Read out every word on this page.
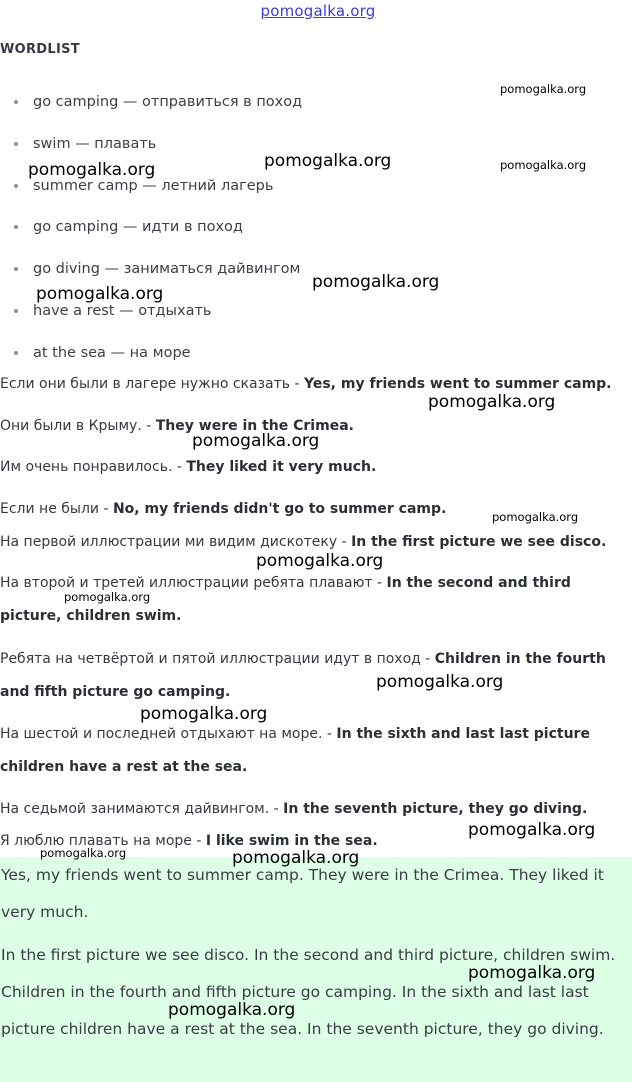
pomogalka.org
WORDLIST
go camping — отправиться в поход
swim — плавать
summer camp — летний лагерь
go camping — идти в поход
go diving — заниматься дайвингом
have a rest — отдыхать
at the sea — на море
Если они были в лагере нужно сказать - Yes, my friends went to summer camp.
Они были в Крыму. - They were in the Crimea.
Им очень понравилось. - They liked it very much.
Если не были - No, my friends didn't go to summer camp.
На первой иллюстрации ми видим дискотеку - In the first picture we see disco.
На второй и третей иллюстрации ребята плавают - In the second and third picture, children swim.
Ребята на четвёртой и пятой иллюстрации идут в поход - Children in the fourth and fifth picture go camping.
На шестой и последней отдыхают на море. - In the sixth and last last picture children have a rest at the sea.
На седьмой занимаются дайвингом. - In the seventh picture, they go diving.
Я люблю плавать на море - I like swim in the sea.

Yes, my friends went to summer camp. They were in the Crimea. They liked it very much.

In the first picture we see disco. In the second and third picture, children swim. Children in the fourth and fifth picture go camping. In the sixth and last last picture children have a rest at the sea. In the seventh picture, they go diving.

pomogalka.org
pomogalka.org	pomogalka.org
pomogalka.org
pomogalka.org
pomogalka.org
pomogalka.org
pomogalka.org
pomogalka.org
pomogalka.org
pomogalka.org
pomogalka.org
pomogalka.org
pomogalka.org
pomogalka.org	pomogalka.org
pomogalka.org
pomogalka.org
